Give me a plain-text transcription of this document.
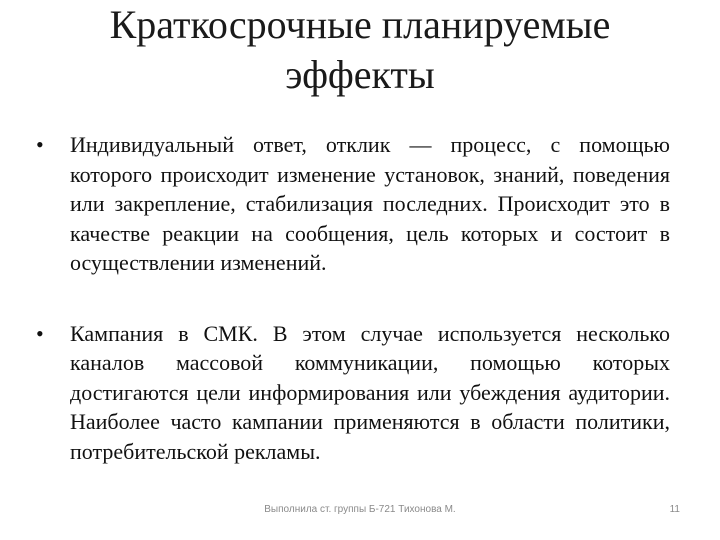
Краткосрочные планируемые
эффекты
• Индивидуальный ответ, отклик — процесс, с помощью которого происходит изменение установок, знаний, поведения или закрепление, стабилизация последних. Происходит это в качестве реакции на сообщения, цель которых и состоит в осуществлении изменений.
• Кампания в СМК. В этом случае используется несколько каналов массовой коммуникации, помощью которых достигаются цели информирования или убеждения аудитории. Наиболее часто кампании применяются в области политики, потребительской рекламы.
Выполнила ст. группы Б-721 Тихонова М.	11
